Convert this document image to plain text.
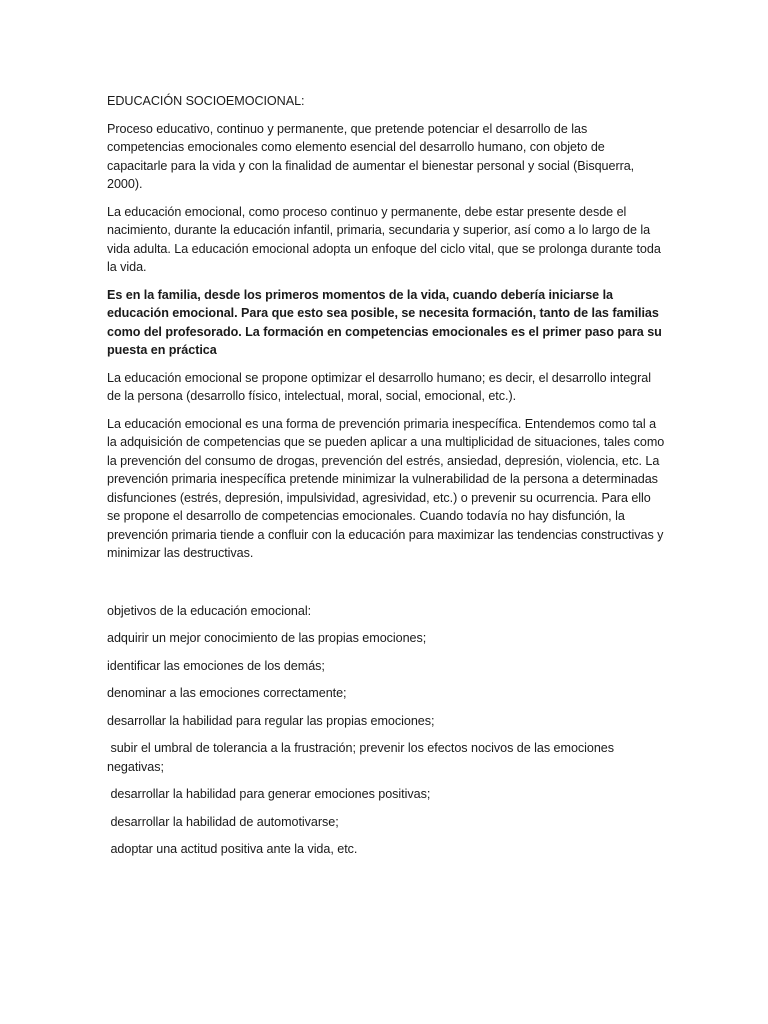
EDUCACIÓN SOCIOEMOCIONAL:

Proceso educativo, continuo y permanente, que pretende potenciar el desarrollo de las competencias emocionales como elemento esencial del desarrollo humano, con objeto de capacitarle para la vida y con la finalidad de aumentar el bienestar personal y social (Bisquerra, 2000).

La educación emocional, como proceso continuo y permanente, debe estar presente desde el nacimiento, durante la educación infantil, primaria, secundaria y superior, así como a lo largo de la vida adulta. La educación emocional adopta un enfoque del ciclo vital, que se prolonga durante toda la vida.

Es en la familia, desde los primeros momentos de la vida, cuando debería iniciarse la educación emocional. Para que esto sea posible, se necesita formación, tanto de las familias como del profesorado. La formación en competencias emocionales es el primer paso para su puesta en práctica

La educación emocional se propone optimizar el desarrollo humano; es decir, el desarrollo integral de la persona (desarrollo físico, intelectual, moral, social, emocional, etc.).

La educación emocional es una forma de prevención primaria inespecífica. Entendemos como tal a la adquisición de competencias que se pueden aplicar a una multiplicidad de situaciones, tales como la prevención del consumo de drogas, prevención del estrés, ansiedad, depresión, violencia, etc. La prevención primaria inespecífica pretende minimizar la vulnerabilidad de la persona a determinadas disfunciones (estrés, depresión, impulsividad, agresividad, etc.) o prevenir su ocurrencia. Para ello se propone el desarrollo de competencias emocionales. Cuando todavía no hay disfunción, la prevención primaria tiende a confluir con la educación para maximizar las tendencias constructivas y minimizar las destructivas.

objetivos de la educación emocional:

adquirir un mejor conocimiento de las propias emociones;

identificar las emociones de los demás;

denominar a las emociones correctamente;

desarrollar la habilidad para regular las propias emociones;

subir el umbral de tolerancia a la frustración; prevenir los efectos nocivos de las emociones negativas;

desarrollar la habilidad para generar emociones positivas;

desarrollar la habilidad de automotivarse;

adoptar una actitud positiva ante la vida, etc.
